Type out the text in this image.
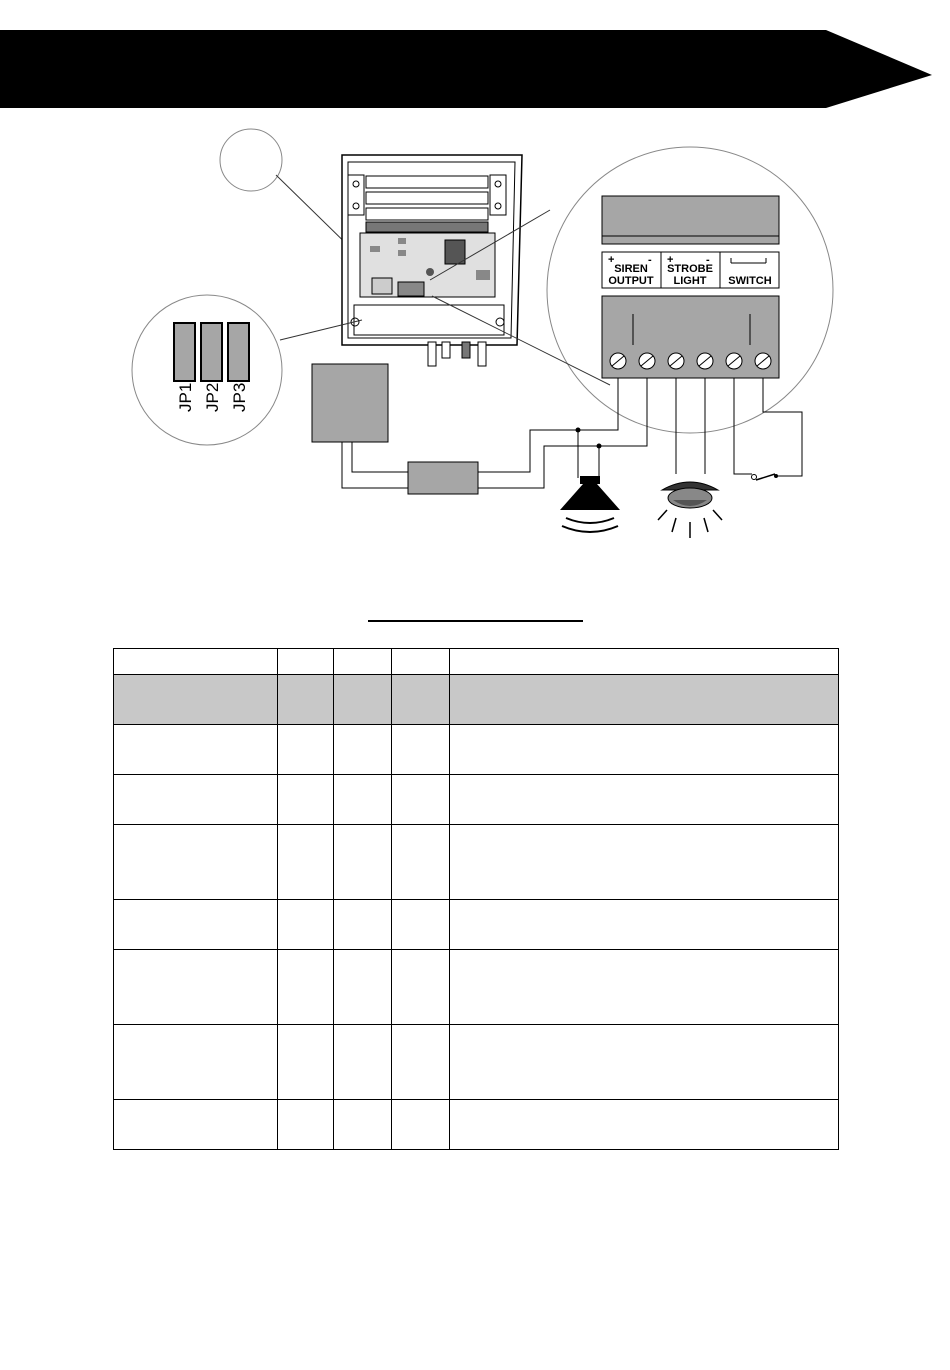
JP1 JP2 JP3
+	- +	-
SIREN
OUTPUT
STROBE
LIGHT SWITCH
